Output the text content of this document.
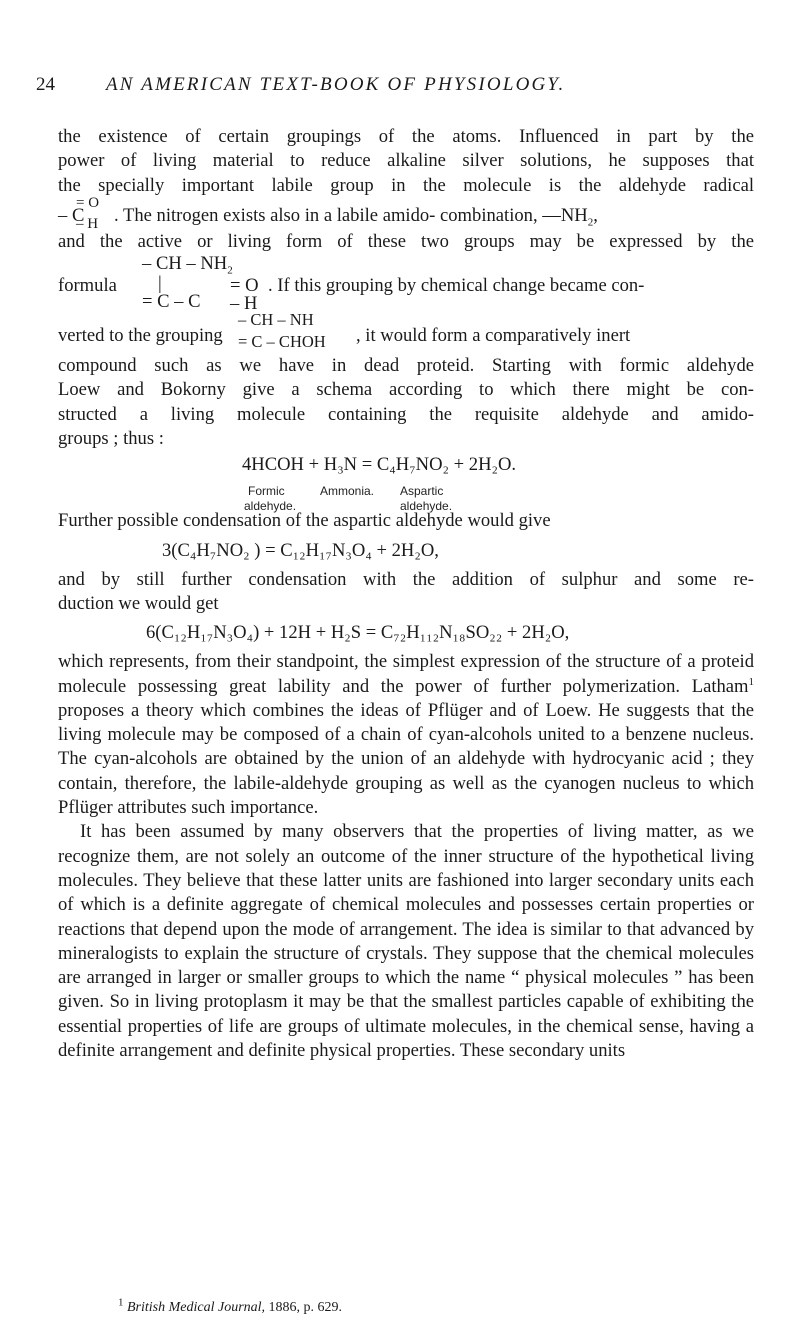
24	AN AMERICAN TEXT-BOOK OF PHYSIOLOGY.

the existence of certain groupings of the atoms. Influenced in part by the

power of living material to reduce alkaline silver solutions, he supposes that

the specially important labile group in the molecule is the aldehyde radical

– C
= O
– H . The nitrogen exists also in a labile amido- combination, $—NH_2$,

and the active or living form of these two groups may be expressed by the

– CH – $NH_2$
formula |
= C – C
= O
– H
. If this grouping by chemical change became con-
verted to the grouping
– CH – NH
= C – CHOH , it would form a comparatively inert

compound such as we have in dead proteid. Starting with formic aldehyde

Loew and Bokorny give a schema according to which there might be con-

structed a living molecule containing the requisite aldehyde and amido-

groups ; thus :

4HCOH + H₃N = C₄H₇NO₂ + 2H₂O.
Formic
aldehyde.
Ammonia. Aspartic
aldehyde.

Further possible condensation of the aspartic aldehyde would give

3(C₄H₇NO₂ ) = C₁₂H₁₇N₃O₄ + 2H₂O,

and by still further condensation with the addition of sulphur and some re-

duction we would get

6(C₁₂H₁₇N₃O₄) + 12H + H₂S = C₇₂H₁₁₂N₁₈SO₂₂ + 2H₂O,

which represents, from their standpoint, the simplest expression of the structure of a proteid molecule possessing great lability and the power of further polymerization. Latham$^1$ proposes a theory which combines the ideas of Pflüger and of Loew. He suggests that the living molecule may be composed of a chain of cyan-alcohols united to a benzene nucleus. The cyan-alcohols are obtained by the union of an aldehyde with hydrocyanic acid ; they contain, therefore, the labile-aldehyde grouping as well as the cyanogen nucleus to which Pflüger attributes such importance.

It has been assumed by many observers that the properties of living matter, as we recognize them, are not solely an outcome of the inner structure of the hypothetical living molecules. They believe that these latter units are fashioned into larger secondary units each of which is a definite aggregate of chemical molecules and possesses certain properties or reactions that depend upon the mode of arrangement. The idea is similar to that advanced by mineralogists to explain the structure of crystals. They suppose that the chemical molecules are arranged in larger or smaller groups to which the name “ physical molecules ” has been given. So in living protoplasm it may be that the smallest particles capable of exhibiting the essential properties of life are groups of ultimate molecules, in the chemical sense, having a definite arrangement and definite physical properties. These secondary units

$^1$ British Medical Journal, 1886, p. 629.
